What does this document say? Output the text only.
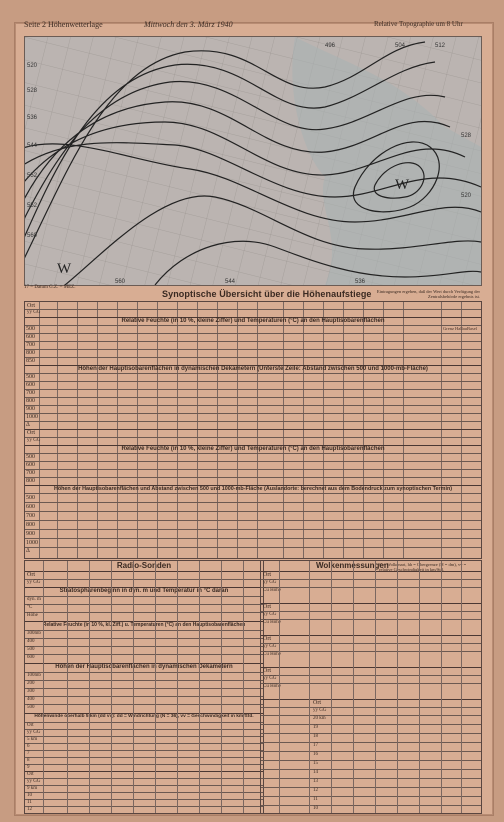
W
W
520
528
536
544
552
552
560
560	544	536
528
520
496	504	512
Seite 2 Höhenwetterlage	Mittwoch den 3. März 1940	Relative Topographie um 8 Uhr
17 = Datum G.Z. = MEZ.
Synoptische Übersicht über die Höhenaufstiege	Eintragungen ergeben, daß der Wert durch Verfügung der Zentralsbehörde ergebnis ist.
Ort
yy GG
Relative Feuchte (in 10 %, kleine Ziffer) und Temperaturen (°C) an den Hauptisobarenflächen
500
600
700
800
850
Höhen der Hauptisobarenflächen in dynamischen Dekametern (Unterste Zeile: Abstand zwischen 500 und 1000-mb-Fläche)
500
600
700
800
900
1000
Δ
Ort
yy GG
Relative Feuchte (in 10 %, kleine Ziffer) und Temperaturen (°C) an den Hauptisobarenflächen
500
600
700
800
Höhen der Hauptisobarenflächen und Abstand zwischen 500 und 1000-mb-Fläche (Auslandorte: berechnet aus dem Bodendruck zum synoptischen Termin)
500
600
700
800
900
1000
Δ
Grenz Hallau Basel
Radio-Sonden
Ort
yy GG
Stratosphärenbeginn in dyn. m und Temperatur in °C daran
dyn. m
°C
Höhe
Relative Feuchte (in 10 %, kl. Ziff.) u. Temperaturen (°C) an den Hauptisobarenflächen
300mb
400
500
600
Höhen der Hauptisobarenflächen in dynamischen Dekametern
100mb
200
300
400
500
Höhenwinde oberhalb 5 km (dd vv): dd = Windrichtung (N = 36), vv = Geschwindigkeit in km/Std.
Ort
yy GG
5 km
6
7
8
9
Ort
yy GG
9 km
10
11
12
Wolkenmessungen
C = Wolkenart, hh = Obergrenze (H = dm), vv = relative Geschwindigkeit in km/Std.
Ort
yy GG
Cu Höhe
Ort
yy GG
Cu Höhe
Ort
yy GG
Cu Höhe
Ort
yy GG
Cu Höhe
Ort
yy GG
20 km
19
18
17
16
15
14
13
12
11
10
